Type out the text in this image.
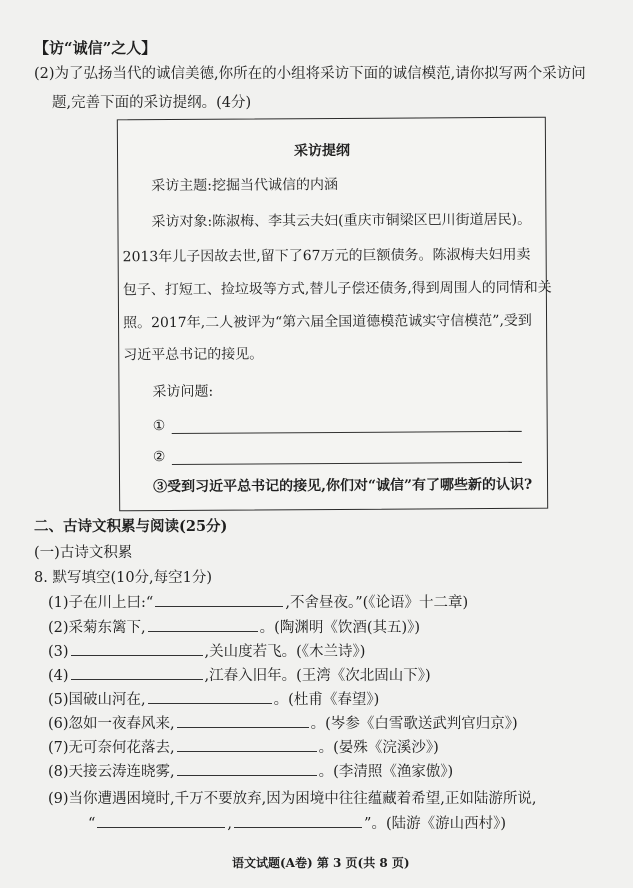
【访“诚信”之人】
(2)为了弘扬当代的诚信美德,你所在的小组将采访下面的诚信模范,请你拟写两个采访问
题,完善下面的采访提纲。(4分)
采访提纲
采访主题:挖掘当代诚信的内涵
采访对象:陈淑梅、李其云夫妇(重庆市铜梁区巴川街道居民)。
2013年儿子因故去世,留下了67万元的巨额债务。陈淑梅夫妇用卖
包子、打短工、捡垃圾等方式,替儿子偿还债务,得到周围人的同情和关
照。2017年,二人被评为“第六届全国道德模范诚实守信模范”,受到
习近平总书记的接见。
采访问题:
①
②
③受到习近平总书记的接见,你们对“诚信”有了哪些新的认识?
二、古诗文积累与阅读(25分)
(一)古诗文积累
8. 默写填空(10分,每空1分)
(1)子在川上曰:“	,不舍昼夜。”(《论语》十二章)
(2)采菊东篱下,	。(陶渊明《饮酒(其五)》)
(3)	,关山度若飞。(《木兰诗》)
(4)	,江春入旧年。(王湾《次北固山下》)
(5)国破山河在,	。(杜甫《春望》)
(6)忽如一夜春风来,	。(岑参《白雪歌送武判官归京》)
(7)无可奈何花落去,	。(晏殊《浣溪沙》)
(8)天接云涛连晓雾,	。(李清照《渔家傲》)
(9)当你遭遇困境时,千万不要放弃,因为困境中往往蕴藏着希望,正如陆游所说,
“	,	”。(陆游《游山西村》)
语文试题(A卷) 第 3 页(共 8 页)
